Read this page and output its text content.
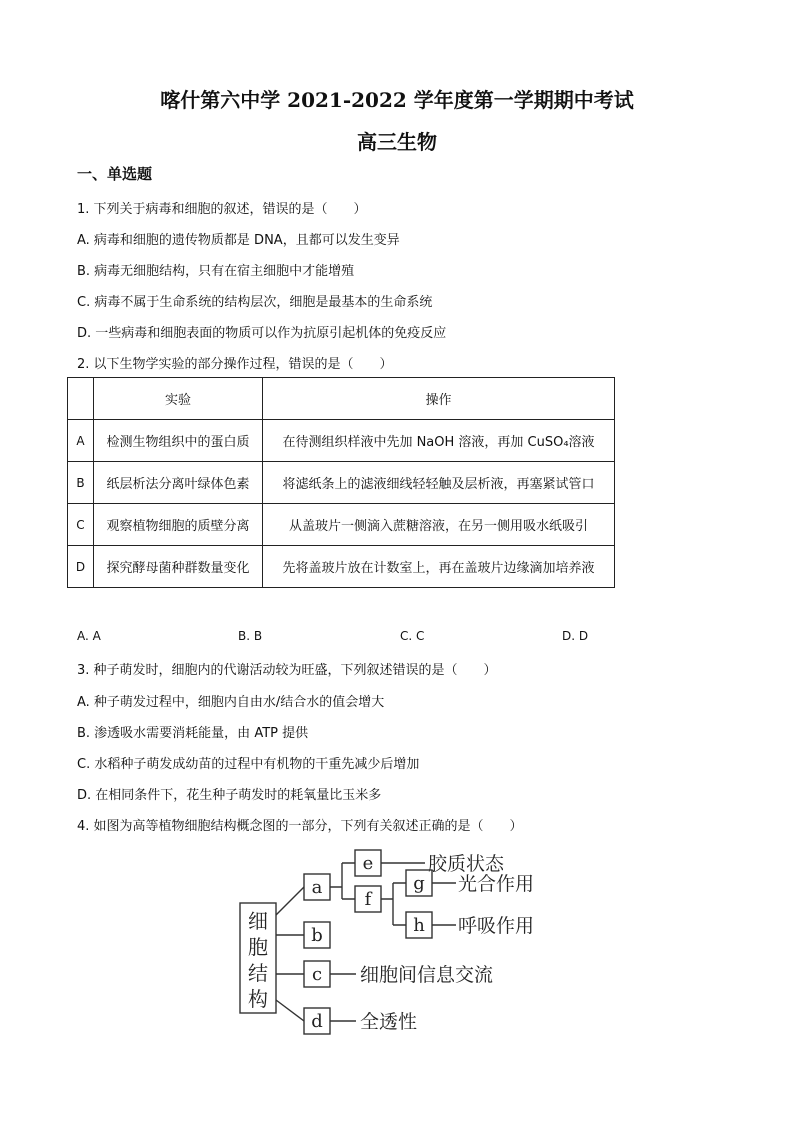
喀什第六中学 2021-2022 学年度第一学期期中考试
高三生物
一、单选题
1. 下列关于病毒和细胞的叙述，错误的是（　　）
A. 病毒和细胞的遗传物质都是 DNA，且都可以发生变异
B. 病毒无细胞结构，只有在宿主细胞中才能增殖
C. 病毒不属于生命系统的结构层次，细胞是最基本的生命系统
D. 一些病毒和细胞表面的物质可以作为抗原引起机体的免疫反应
2. 以下生物学实验的部分操作过程，错误的是（　　）
	实验	操作
A	检测生物组织中的蛋白质	在待测组织样液中先加 NaOH 溶液，再加 CuSO₄溶液
B	纸层析法分离叶绿体色素	将滤纸条上的滤液细线轻轻触及层析液，再塞紧试管口
C	观察植物细胞的质壁分离	从盖玻片一侧滴入蔗糖溶液，在另一侧用吸水纸吸引
D	探究酵母菌种群数量变化	先将盖玻片放在计数室上，再在盖玻片边缘滴加培养液
A. A	B. B	C. C	D. D
3. 种子萌发时，细胞内的代谢活动较为旺盛，下列叙述错误的是（　　）
A. 种子萌发过程中，细胞内自由水/结合水的值会增大
B. 渗透吸水需要消耗能量，由 ATP 提供
C. 水稻种子萌发成幼苗的过程中有机物的干重先减少后增加
D. 在相同条件下，花生种子萌发时的耗氧量比玉米多
4. 如图为高等植物细胞结构概念图的一部分，下列有关叙述正确的是（　　）
细
胞
结
构
a
b
c
d
e
f
g
h
胶质状态
光合作用
呼吸作用
细胞间信息交流
全透性
